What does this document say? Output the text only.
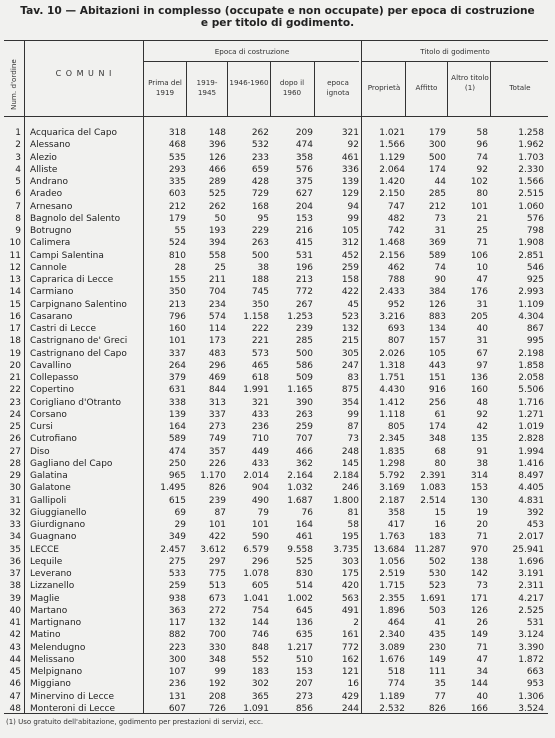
Tav. 10 — Abitazioni in complesso (occupate e non occupate) per epoca di costruzione
e per titolo di godimento.
Num. d'ordine	C O M U N I
Epoca di costruzione	Titolo di godimento
Prima del 1919
1919-1945
1946-1960	dopo il 1960
epoca ignota
Proprietà	Affitto
Altro titolo (1)	Totale
1 Acquarica del Capo	318	148	262	209	321	1.021	179	58	1.258
2 Alessano	468	396	532	474	92	1.566	300	96	1.962
3 Alezio	535	126	233	358	461	1.129	500	74	1.703
4 Alliste	293	466	659	576	336	2.064	174	92	2.330
5 Andrano	335	289	428	375	139	1.420	44	102	1.566
6 Aradeo	603	525	729	627	129	2.150	285	80	2.515
7 Arnesano	212	262	168	204	94	747	212	101	1.060
8 Bagnolo del Salento	179	50	95	153	99	482	73	21	576
9 Botrugno	55	193	229	216	105	742	31	25	798
10 Calimera	524	394	263	415	312	1.468	369	71	1.908
11 Campi Salentina	810	558	500	531	452	2.156	589	106	2.851
12 Cannole	28	25	38	196	259	462	74	10	546
13 Caprarica di Lecce	155	211	188	213	158	788	90	47	925
14 Carmiano	350	704	745	772	422	2.433	384	176	2.993
15 Carpignano Salentino	213	234	350	267	45	952	126	31	1.109
16 Casarano	796	574	1.158	1.253	523	3.216	883	205	4.304
17 Castri di Lecce	160	114	222	239	132	693	134	40	867
18 Castrignano de' Greci	101	173	221	285	215	807	157	31	995
19 Castrignano del Capo	337	483	573	500	305	2.026	105	67	2.198
20 Cavallino	264	296	465	586	247	1.318	443	97	1.858
21 Collepasso	379	469	618	509	83	1.751	151	136	2.058
22 Copertino	631	844	1.991	1.165	875	4.430	916	160	5.506
23 Corigliano d'Otranto	338	313	321	390	354	1.412	256	48	1.716
24 Corsano	139	337	433	263	99	1.118	61	92	1.271
25 Cursi	164	273	236	259	87	805	174	42	1.019
26 Cutrofiano	589	749	710	707	73	2.345	348	135	2.828
27 Diso	474	357	449	466	248	1.835	68	91	1.994
28 Gagliano del Capo	250	226	433	362	145	1.298	80	38	1.416
29 Galatina	965	1.170	2.014	2.164	2.184	5.792	2.391	314	8.497
30 Galatone	1.495	826	904	1.032	246	3.169	1.083	153	4.405
31 Gallipoli	615	239	490	1.687	1.800	2.187	2.514	130	4.831
32 Giuggianello	69	87	79	76	81	358	15	19	392
33 Giurdignano	29	101	101	164	58	417	16	20	453
34 Guagnano	349	422	590	461	195	1.763	183	71	2.017
35 LECCE	2.457	3.612	6.579	9.558	3.735	13.684	11.287	970	25.941
36 Lequile	275	297	296	525	303	1.056	502	138	1.696
37 Leverano	533	775	1.078	830	175	2.519	530	142	3.191
38 Lizzanello	259	513	605	514	420	1.715	523	73	2.311
39 Maglie	938	673	1.041	1.002	563	2.355	1.691	171	4.217
40 Martano	363	272	754	645	491	1.896	503	126	2.525
41 Martignano	117	132	144	136	2	464	41	26	531
42 Matino	882	700	746	635	161	2.340	435	149	3.124
43 Melendugno	223	330	848	1.217	772	3.089	230	71	3.390
44 Melissano	300	348	552	510	162	1.676	149	47	1.872
45 Melpignano	107	99	183	153	121	518	111	34	663
46 Miggiano	236	192	302	207	16	774	35	144	953
47 Minervino di Lecce	131	208	365	273	429	1.189	77	40	1.306
48 Monteroni di Lecce	607	726	1.091	856	244	2.532	826	166	3.524
(1) Uso gratuito dell'abitazione, godimento per prestazioni di servizi, ecc.
